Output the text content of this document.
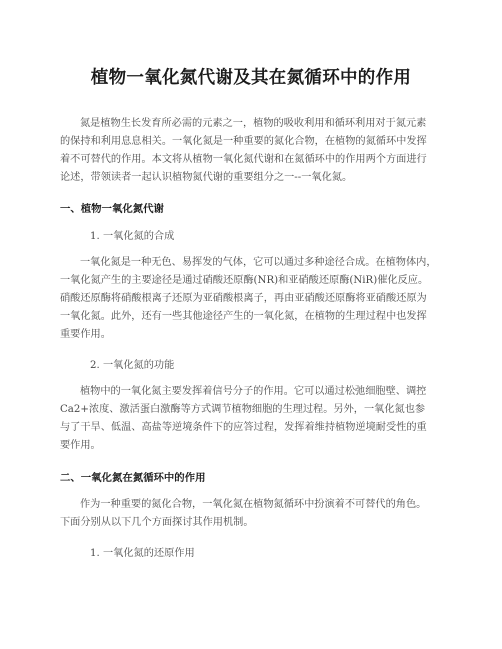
植物一氧化氮代谢及其在氮循环中的作用

氮是植物生长发育所必需的元素之一，植物的吸收利用和循环利用对于氮元素
的保持和利用息息相关。一氧化氮是一种重要的氮化合物，在植物的氮循环中发挥
着不可替代的作用。本文将从植物一氧化氮代谢和在氮循环中的作用两个方面进行
论述，带领读者一起认识植物氮代谢的重要组分之一--一氧化氮。

一、植物一氧化氮代谢

1. 一氧化氮的合成

一氧化氮是一种无色、易挥发的气体，它可以通过多种途径合成。在植物体内，
一氧化氮产生的主要途径是通过硝酸还原酶(NR)和亚硝酸还原酶(NiR)催化反应。
硝酸还原酶将硝酸根离子还原为亚硝酸根离子，再由亚硝酸还原酶将亚硝酸还原为
一氧化氮。此外，还有一些其他途径产生的一氧化氮，在植物的生理过程中也发挥
重要作用。

2. 一氧化氮的功能

植物中的一氧化氮主要发挥着信号分子的作用。它可以通过松弛细胞壁、调控
Ca2+浓度、激活蛋白激酶等方式调节植物细胞的生理过程。另外，一氧化氮也参
与了干旱、低温、高盐等逆境条件下的应答过程，发挥着维持植物逆境耐受性的重
要作用。

二、一氧化氮在氮循环中的作用

作为一种重要的氮化合物，一氧化氮在植物氮循环中扮演着不可替代的角色。
下面分别从以下几个方面探讨其作用机制。

1. 一氧化氮的还原作用
